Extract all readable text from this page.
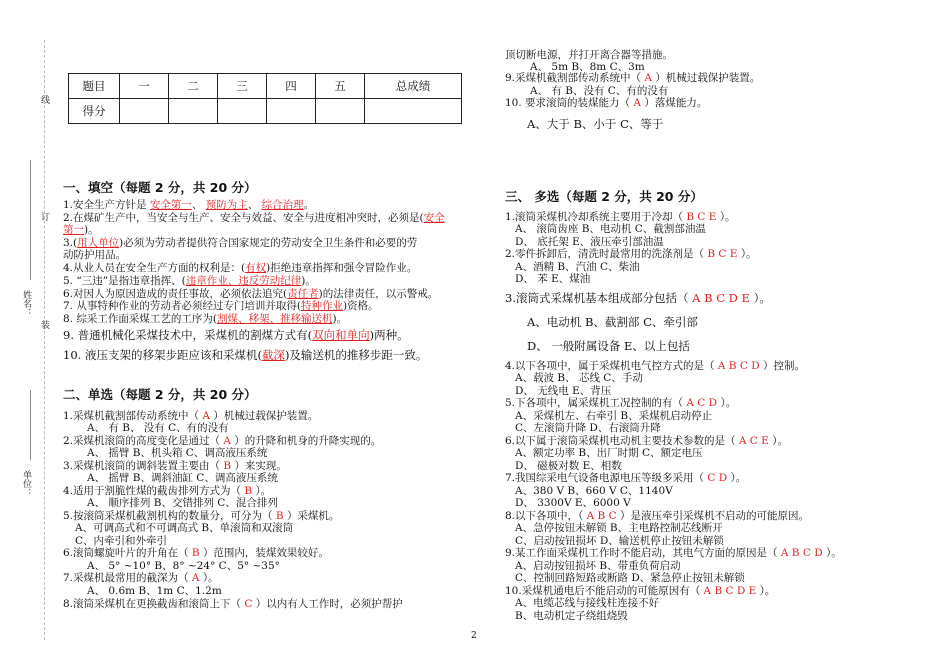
姓名：
单位：
订
线
装
题目	一	二	三	四	五	总成绩
得分						
一、填空（每题 2 分，共 20 分）
1.安全生产方针是 安全第一、 预防为主、 综合治理。
2.在煤矿生产中，当安全与生产、安全与效益、安全与进度相冲突时，必须是(安全
第一)。
3.(用人单位)必须为劳动者提供符合国家规定的劳动安全卫生条件和必要的劳
动防护用品。
4.从业人员在安全生产方面的权利是：(有权)拒绝违章指挥和强令冒险作业。
5. “三违”是指违章指挥、(违章作业、违反劳动纪律)。
6.对因人为原因造成的责任事故，必须依法追究(责任者)的法律责任，以示警戒。
7. 从事特种作业的劳动者必须经过专门培训并取得(特种作业)资格。
8. 综采工作面采煤工艺的工序为(割煤、移架、推移输送机)。
9. 普通机械化采煤技术中，采煤机的割煤方式有(双向和单向)两种。
10. 液压支架的移架步距应该和采煤机(截深)及输送机的推移步距一致。
二、单选（每题 2 分，共 20 分）
1.采煤机截割部传动系统中（ A ）机械过载保护装置。
A、 有 B、 没有 C、有的没有
2.采煤机滚筒的高度变化是通过（ A ）的升降和机身的升降实现的。
A、 摇臂 B、机头箱 C、调高液压系统
3.采煤机滚筒的调斜装置主要由（ B ）来实现。
A、 摇臂 B、调斜油缸 C、调高液压系统
4.适用于割脆性煤的截齿排列方式为（ B ）。
A、 顺序排列 B、交错排列 C、混合排列
5.按滚筒采煤机截割机构的数量分，可分为（ B ）采煤机。
A、可调高式和不可调高式 B、单滚筒和双滚筒
C、内牵引和外牵引
6.滚筒螺旋叶片的升角在（ B ）范围内，装煤效果较好。
A、 5° ~10° B、8° ~24° C、5° ~35°
7.采煤机最常用的截深为（ A ）。
A、 0.6m B、1m C、1.2m
8.滚筒采煤机在更换截齿和滚筒上下（ C ）以内有人工作时，必须护帮护
顶切断电源，并打开离合器等措施。
A、 5m B、8m C、3m
9.采煤机截割部传动系统中（ A ）机械过载保护装置。
A、 有 B、没有 C、有的没有
10. 要求滚筒的装煤能力（ A ）落煤能力。
A、大于 B、小于 C、等于
三、 多选（每题 2 分，共 20 分）
1.滚筒采煤机冷却系统主要用于冷却（ B C E ）。
A、 滚筒齿座 B、电动机 C、截割部油温
D、 底托架 E、液压牵引部油温
2.零件拆卸后，清洗时最常用的洗涤剂是（ B C E ）。
A、酒精 B、汽油 C、柴油
D、 苯 E、煤油
3.滚筒式采煤机基本组成部分包括（ A B C D E ）。
A、电动机 B、截割部 C、牵引部
D、 一般附属设备 E、以上包括
4.以下各项中，属于采煤机电气控方式的是（ A B C D ）控制。
A、载波 B、 芯线 C、手动
D、 无线电 E、背压
5.下各项中，属采煤机工况控制的有（ A C D ）。
A、采煤机左、右牵引 B、采煤机启动停止
C、左滚筒升降 D、右滚筒升降
6.以下属于滚筒采煤机电动机主要技术参数的是（ A C E ）。
A、额定功率 B、出厂时期 C、额定电压
D、 磁极对数 E、相数
7.我国综采电气设备电源电压等级多采用（ C D ）。
A、380 V B、660 V C、1140V
D、 3300V E、6000 V
8.以下各项中，（ A B C ）是液压牵引采煤机不启动的可能原因。
A、急停按钮未解锁 B、主电路控制芯线断开
C、启动按钮损坏 D、输送机停止按钮未解锁
9.某工作面采煤机工作时不能启动，其电气方面的原因是（ A B C D ）。
A、启动按钮损坏 B、带重负荷启动
C、控制回路短路或断路 D、紧急停止按钮未解锁
10.采煤机通电后不能启动的可能原因有（ A B C D E ）。
A、电缆芯线与接线柱连接不好
B、电动机定子绕组烧毁
2
